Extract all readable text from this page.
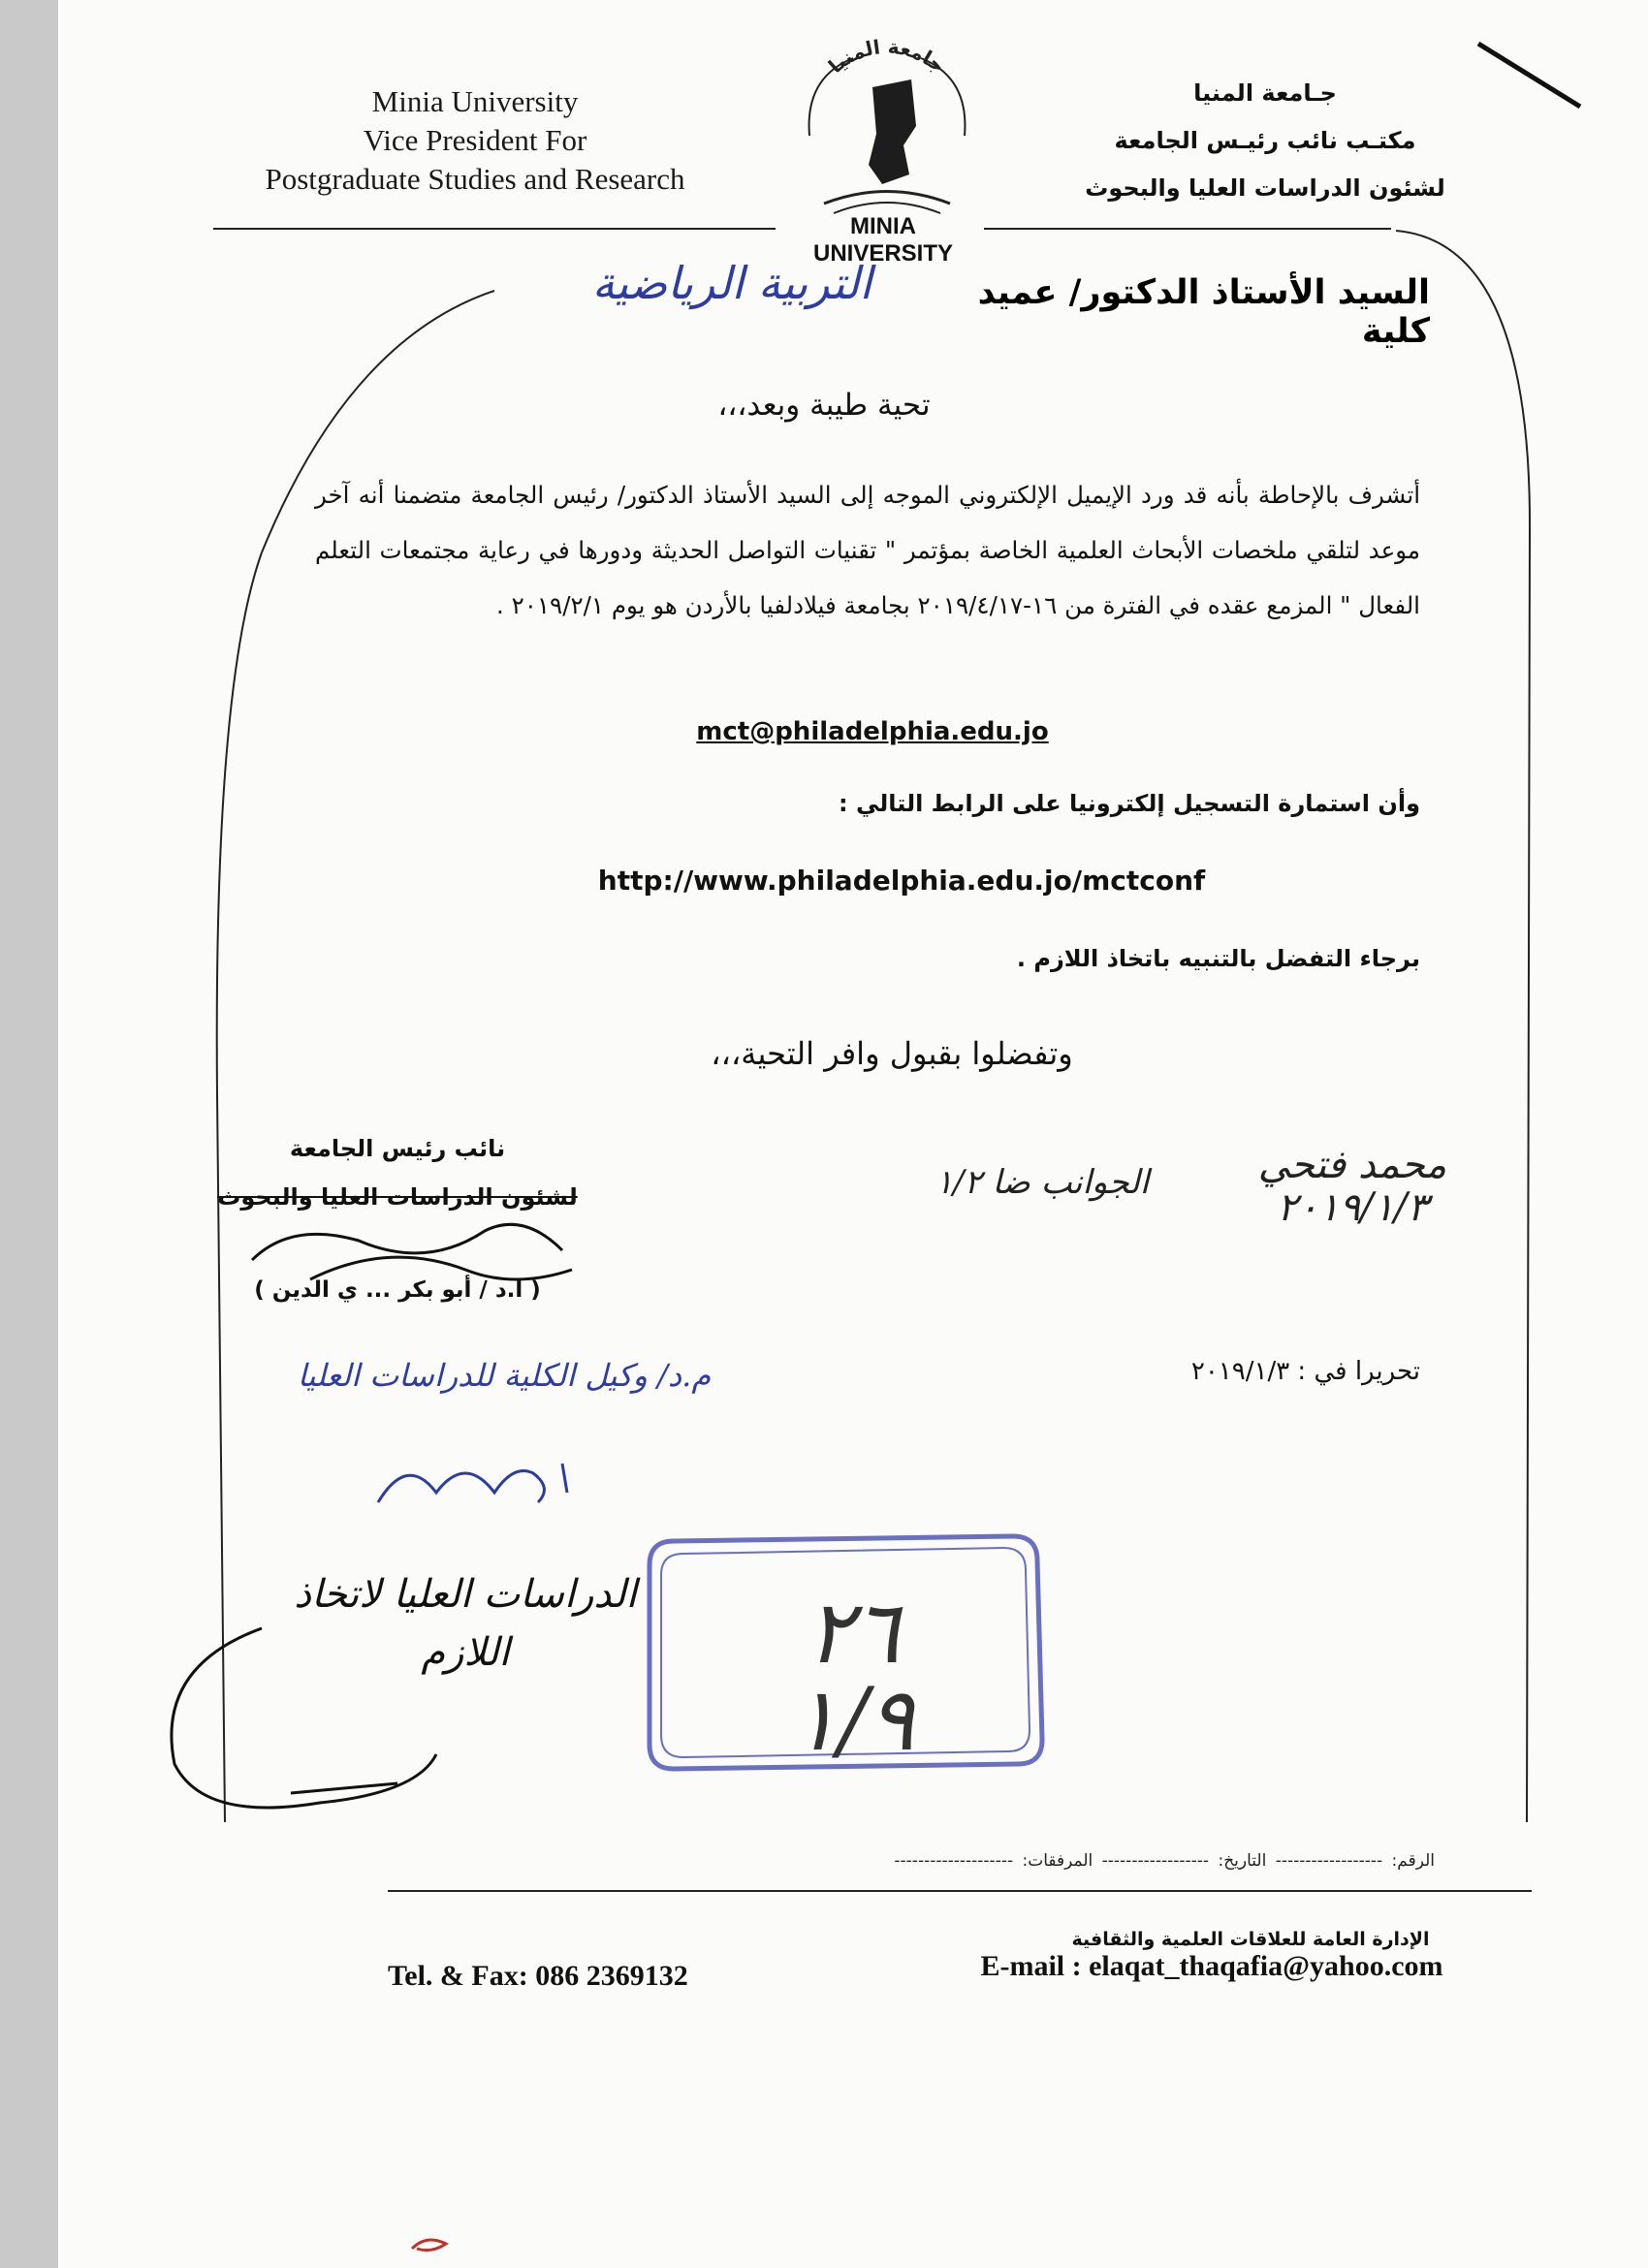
Minia University
Vice President For
Postgraduate Studies and Research
جـامعة المنيا
مكتـب نائب رئيـس الجامعة
لشئون الدراسات العليا والبحوث
جامعة المنيا
MINIA UNIVERSITY
السيد الأستاذ الدكتور/ عميد كلية
التربية الرياضية
تحية طيبة وبعد،،،
أتشرف بالإحاطة بأنه قد ورد الإيميل الإلكتروني الموجه إلى السيد الأستاذ الدكتور/ رئيس الجامعة متضمنا أنه آخر موعد لتلقي ملخصات الأبحاث العلمية الخاصة بمؤتمر " تقنيات التواصل الحديثة ودورها في رعاية مجتمعات التعلم الفعال " المزمع عقده في الفترة من ١٦-٢٠١٩/٤/١٧ بجامعة فيلادلفيا بالأردن هو يوم ٢٠١٩/٢/١ .
mct@philadelphia.edu.jo
وأن استمارة التسجيل إلكترونيا على الرابط التالي :
http://www.philadelphia.edu.jo/mctconf
برجاء التفضل بالتنبيه باتخاذ اللازم .
وتفضلوا بقبول وافر التحية،،،
نائب رئيس الجامعة
لشئون الدراسات العليا والبحوث
( ا.د / أبو بكر ... ي الدين )
الجوانب ضا ١/٢	محمد فتحي ٢٠١٩/١/٣
تحريرا في : ٢٠١٩/١/٣
م.د/ وكيل الكلية للدراسات العليا
الدراسات العليا لاتخاذ اللازم	٢٦
١/٩
الرقم: ------------------ التاريخ: ------------------ المرفقات: --------------------
الإدارة العامة للعلاقات العلمية والثقافية
E-mail : elaqat_thaqafia@yahoo.com
Tel. & Fax: 086 2369132
